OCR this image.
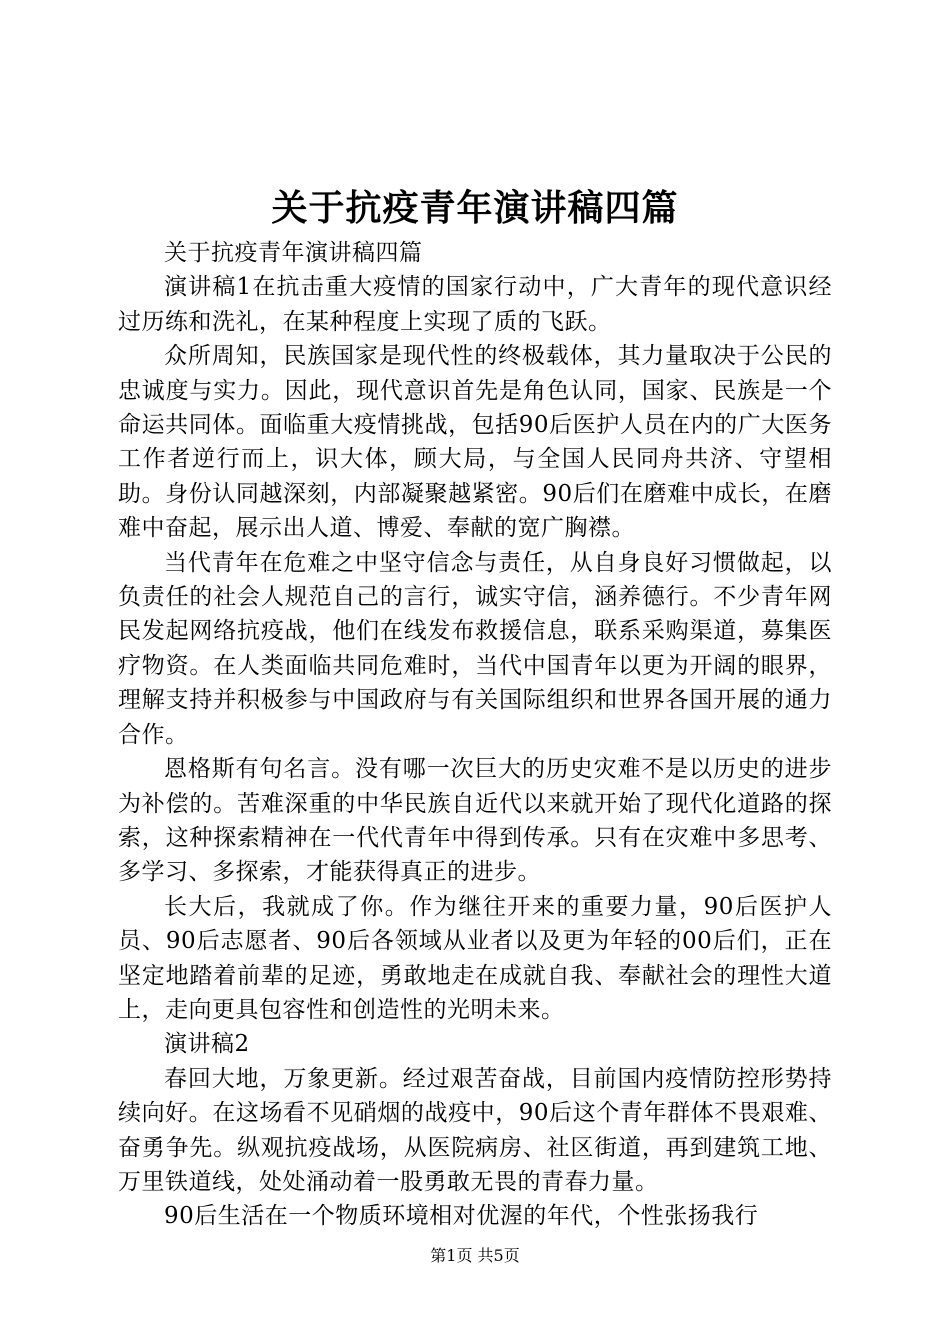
关于抗疫青年演讲稿四篇

关于抗疫青年演讲稿四篇

演讲稿1在抗击重大疫情的国家行动中，广大青年的现代意识经过历练和洗礼，在某种程度上实现了质的飞跃。

众所周知，民族国家是现代性的终极载体，其力量取决于公民的忠诚度与实力。因此，现代意识首先是角色认同，国家、民族是一个命运共同体。面临重大疫情挑战，包括90后医护人员在内的广大医务工作者逆行而上，识大体，顾大局，与全国人民同舟共济、守望相助。身份认同越深刻，内部凝聚越紧密。90后们在磨难中成长，在磨难中奋起，展示出人道、博爱、奉献的宽广胸襟。

当代青年在危难之中坚守信念与责任，从自身良好习惯做起，以负责任的社会人规范自己的言行，诚实守信，涵养德行。不少青年网民发起网络抗疫战，他们在线发布救援信息，联系采购渠道，募集医疗物资。在人类面临共同危难时，当代中国青年以更为开阔的眼界，理解支持并积极参与中国政府与有关国际组织和世界各国开展的通力合作。

恩格斯有句名言。没有哪一次巨大的历史灾难不是以历史的进步为补偿的。苦难深重的中华民族自近代以来就开始了现代化道路的探索，这种探索精神在一代代青年中得到传承。只有在灾难中多思考、多学习、多探索，才能获得真正的进步。

长大后，我就成了你。作为继往开来的重要力量，90后医护人员、90后志愿者、90后各领域从业者以及更为年轻的00后们，正在坚定地踏着前辈的足迹，勇敢地走在成就自我、奉献社会的理性大道上，走向更具包容性和创造性的光明未来。

演讲稿2

春回大地，万象更新。经过艰苦奋战，目前国内疫情防控形势持续向好。在这场看不见硝烟的战疫中，90后这个青年群体不畏艰难、奋勇争先。纵观抗疫战场，从医院病房、社区街道，再到建筑工地、万里铁道线，处处涌动着一股勇敢无畏的青春力量。

90后生活在一个物质环境相对优渥的年代，个性张扬我行

第1页 共5页
